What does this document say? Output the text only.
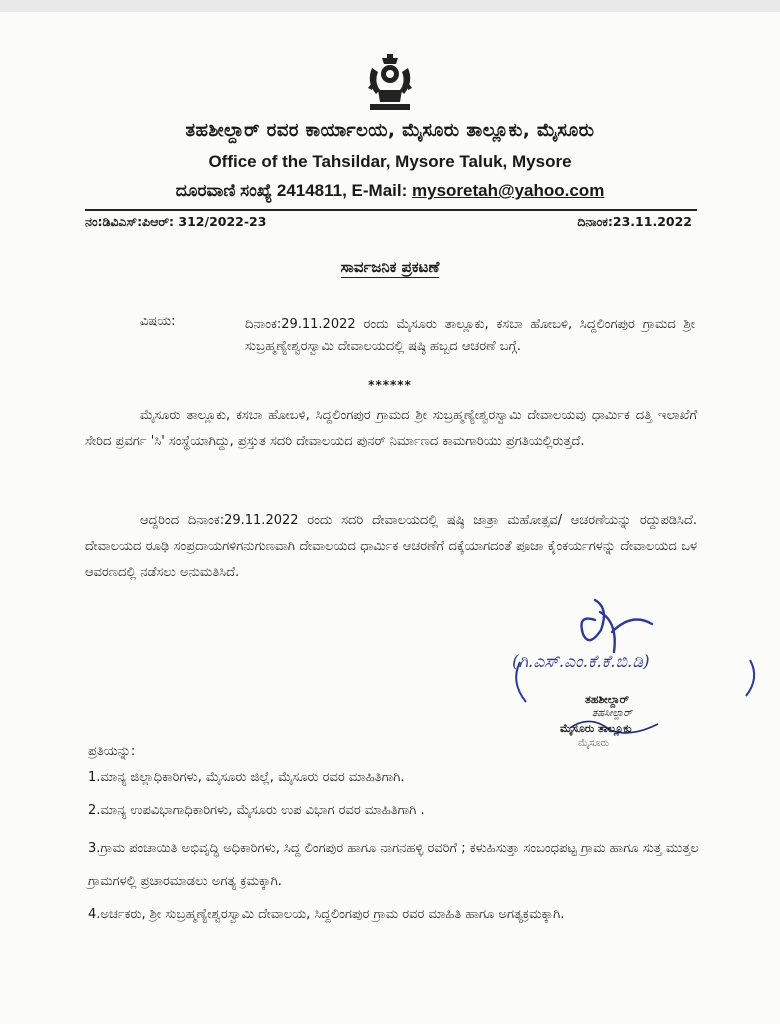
ತಹಶೀಲ್ದಾರ್ ರವರ ಕಾರ್ಯಾಲಯ, ಮೈಸೂರು ತಾಲ್ಲೂಕು, ಮೈಸೂರು
Office of the Tahsildar, Mysore Taluk, Mysore
ದೂರವಾಣಿ ಸಂಖ್ಯೆ 2414811, E-Mail: mysoretah@yahoo.com
ನಂ:ಡಿವಿಎಸ್:ಪಿಆರ್: 312/2022-23	ದಿನಾಂಕ:23.11.2022
ಸಾರ್ವಜನಿಕ ಪ್ರಕಟಣೆ
ವಿಷಯ:	ದಿನಾಂಕ:29.11.2022 ರಂದು ಮೈಸೂರು ತಾಲ್ಲೂಕು, ಕಸಬಾ ಹೋಬಳಿ, ಸಿದ್ದಲಿಂಗಪುರ ಗ್ರಾಮದ ಶ್ರೀ ಸುಬ್ರಹ್ಮಣ್ಯೇಶ್ವರಸ್ವಾಮಿ ದೇವಾಲಯದಲ್ಲಿ ಷಷ್ಠಿ ಹಬ್ಬದ ಆಚರಣೆ ಬಗ್ಗೆ.
******
ಮೈಸೂರು ತಾಲ್ಲೂಕು, ಕಸಬಾ ಹೋಬಳಿ, ಸಿದ್ದಲಿಂಗಪುರ ಗ್ರಾಮದ ಶ್ರೀ ಸುಬ್ರಹ್ಮಣ್ಯೇಶ್ವರಸ್ವಾಮಿ ದೇವಾಲಯವು ಧಾರ್ಮಿಕ ದತ್ತಿ ಇಲಾಖೆಗೆ ಸೇರಿದ ಪ್ರವರ್ಗ 'ಸಿ' ಸಂಸ್ಥೆಯಾಗಿದ್ದು, ಪ್ರಸ್ತುತ ಸದರಿ ದೇವಾಲಯದ ಪುನರ್ ನಿರ್ಮಾಣದ ಕಾಮಗಾರಿಯು ಪ್ರಗತಿಯಲ್ಲಿರುತ್ತದೆ.
ಆದ್ದರಿಂದ ದಿನಾಂಕ:29.11.2022 ರಂದು ಸದರಿ ದೇವಾಲಯದಲ್ಲಿ ಷಷ್ಠಿ ಜಾತ್ರಾ ಮಹೋತ್ಸವ/ ಆಚರಣೆಯನ್ನು ರದ್ದುಪಡಿಸಿದೆ. ದೇವಾಲಯದ ರೂಢಿ ಸಂಪ್ರದಾಯಗಳಿಗನುಗುಣವಾಗಿ ದೇವಾಲಯದ ಧಾರ್ಮಿಕ ಆಚರಣೆಗೆ ದಕ್ಕೆಯಾಗದಂತೆ ಪೂಜಾ ಕೈಂಕರ್ಯಗಳನ್ನು ದೇವಾಲಯದ ಒಳ ಆವರಣದಲ್ಲಿ ನಡೆಸಲು ಅನುಮತಿಸಿದೆ.
(ಗಿ.ಎಸ್.ಎಂ.ಕೆ.ಕೆ.ಬಿ.ಡಿ)
ತಹಶೀಲ್ದಾರ್
ತಹಸೀಲ್ದಾರ್
ಮೈಸೂರು ತಾಲ್ಲೂಕು
ಮೈಸೂರು
ಪ್ರತಿಯನ್ನು:
1.ಮಾನ್ಯ ಜಿಲ್ಲಾಧಿಕಾರಿಗಳು, ಮೈಸೂರು ಜಿಲ್ಲೆ, ಮೈಸೂರು ರವರ ಮಾಹಿತಿಗಾಗಿ.
2.ಮಾನ್ಯ ಉಪವಿಭಾಗಾಧಿಕಾರಿಗಳು, ಮೈಸೂರು ಉಪ ವಿಭಾಗ ರವರ ಮಾಹಿತಿಗಾಗಿ .
3.ಗ್ರಾಮ ಪಂಚಾಯಿತಿ ಅಭಿವೃದ್ಧಿ ಅಧಿಕಾರಿಗಳು, ಸಿದ್ದ ಲಿಂಗಪುರ ಹಾಗೂ ನಾಗನಹಳ್ಳಿ ರವರಿಗೆ ; ಕಳುಹಿಸುತ್ತಾ ಸಂಬಂಧಪಟ್ಟ ಗ್ರಾಮ ಹಾಗೂ ಸುತ್ತ ಮುತ್ತಲ ಗ್ರಾಮಗಳಲ್ಲಿ ಪ್ರಚಾರಮಾಡಲು ಅಗತ್ಯ ಕ್ರಮಕ್ಕಾಗಿ.
4.ಅರ್ಚಕರು, ಶ್ರೀ ಸುಬ್ರಹ್ಮಣ್ಯೇಶ್ವರಸ್ವಾಮಿ ದೇವಾಲಯ, ಸಿದ್ದಲಿಂಗಪುರ ಗ್ರಾಮ ರವರ ಮಾಹಿತಿ ಹಾಗೂ ಅಗತ್ಯಕ್ರಮಕ್ಕಾಗಿ.
